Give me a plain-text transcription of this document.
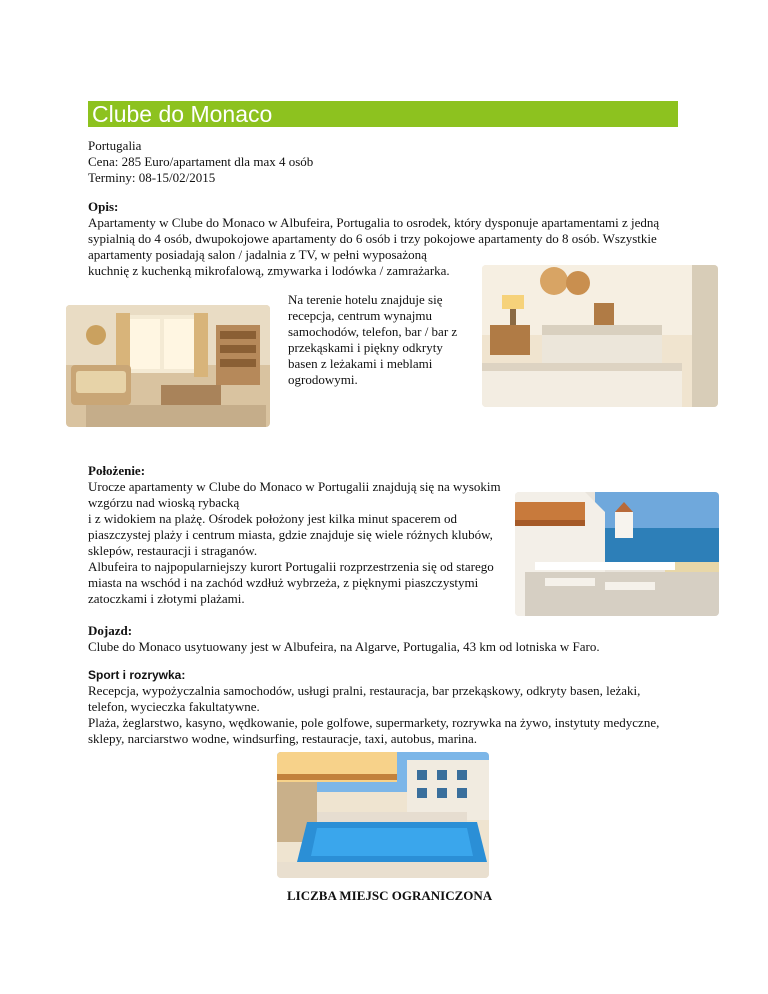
Clube do Monaco
Portugalia
Cena: 285 Euro/apartament dla max 4 osób
Terminy: 08-15/02/2015
Opis:
Apartamenty w Clube do Monaco w Albufeira, Portugalia to osrodek, który dysponuje apartamentami z jedną
sypialnią do 4 osób, dwupokojowe apartamenty do 6 osób i trzy pokojowe apartamenty do 8 osób. Wszystkie
apartamenty posiadają salon / jadalnia z TV, w pełni wyposażoną
kuchnię z kuchenką mikrofalową, zmywarka i lodówka / zamrażarka.
Na terenie hotelu znajduje się
recepcja, centrum wynajmu
samochodów, telefon, bar / bar z
przekąskami i piękny odkryty
basen z leżakami i meblami
ogrodowymi.
Położenie:
Urocze apartamenty w Clube do Monaco w Portugalii znajdują się na wysokim
wzgórzu nad wioską rybacką
i z widokiem na plażę. Ośrodek położony jest kilka minut spacerem od
piaszczystej plaży i centrum miasta, gdzie znajduje się wiele różnych klubów,
sklepów, restauracji i straganów.
Albufeira to najpopularniejszy kurort Portugalii rozprzestrzenia się od starego
miasta na wschód i na zachód wzdłuż wybrzeża, z pięknymi piaszczystymi
zatoczkami i złotymi plażami.
Dojazd:
Clube do Monaco usytuowany jest w Albufeira, na Algarve, Portugalia, 43 km od lotniska w Faro.
Sport i rozrywka:
Recepcja, wypożyczalnia samochodów, usługi pralni, restauracja, bar przekąskowy, odkryty basen, leżaki,
telefon, wycieczka fakultatywne.
Plaża, żeglarstwo, kasyno, wędkowanie, pole golfowe, supermarkety, rozrywka na żywo, instytuty medyczne,
sklepy, narciarstwo wodne, windsurfing, restauracje, taxi, autobus, marina.
LICZBA MIEJSC OGRANICZONA
